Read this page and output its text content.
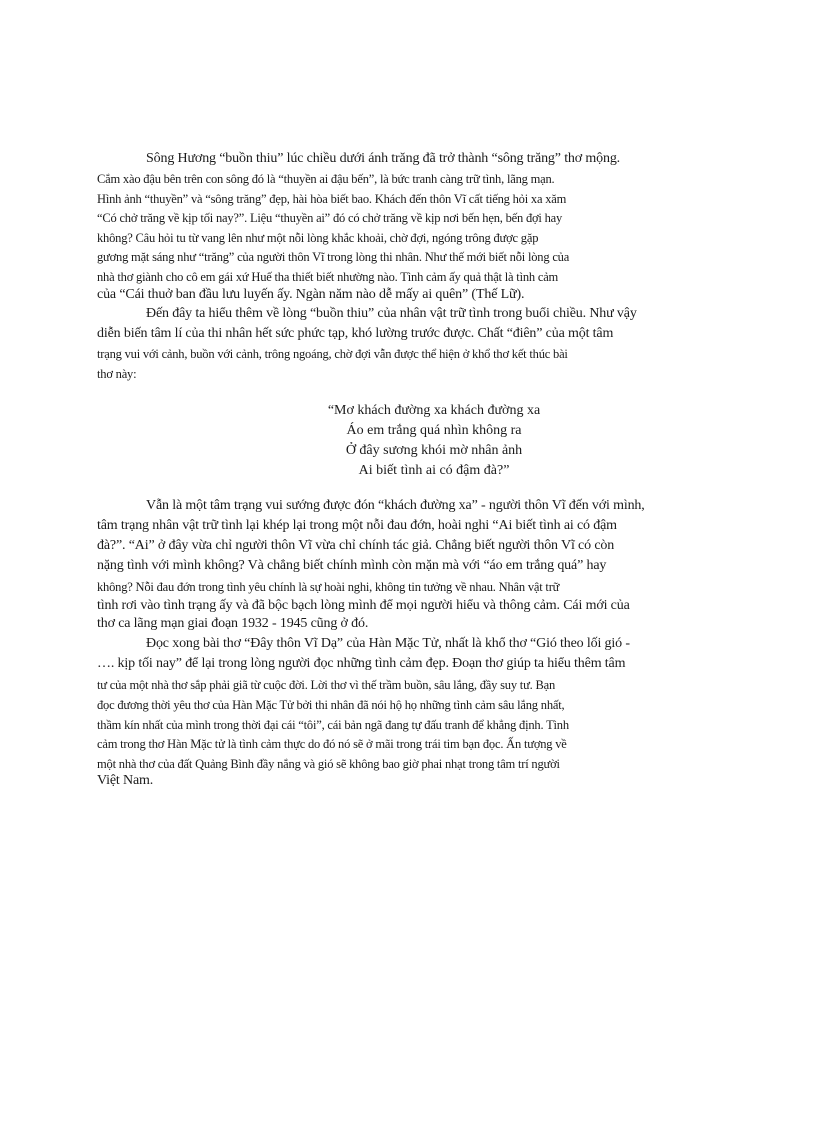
Sông Hương “buồn thiu” lúc chiều dưới ánh trăng đã trở thành “sông trăng” thơ mộng.
Cắm xào đậu bên trên con sông đó là “thuyền ai đậu bến”, là bức tranh càng trữ tình, lãng mạn.
Hình ảnh “thuyền” và “sông trăng” đẹp, hài hòa biết bao. Khách đến thôn Vĩ cất tiếng hỏi xa xăm
“Có chở trăng về kịp tối nay?”. Liệu “thuyền ai” đó có chở trăng về kịp nơi bến hẹn, bến đợi hay
không? Câu hỏi tu từ vang lên như một nỗi lòng khắc khoải, chờ đợi, ngóng trông được gặp
gương mặt sáng như “trăng” của người thôn Vĩ trong lòng thi nhân. Như thế mới biết nỗi lòng của
nhà thơ giành cho cô em gái xứ Huế tha thiết biết nhường nào. Tình cảm ấy quả thật là tình cảm
của “Cái thuở ban đầu lưu luyến ấy. Ngàn năm nào dễ mấy ai quên” (Thế Lữ).
Đến đây ta hiểu thêm về lòng “buồn thiu” của nhân vật trữ tình trong buổi chiều. Như vậy
diễn biến tâm lí của thi nhân hết sức phức tạp, khó lường trước được. Chất “điên” của một tâm
trạng vui với cảnh, buồn với cảnh, trông ngoáng, chờ đợi vẫn được thể hiện ở khổ thơ kết thúc bài
thơ này:
“Mơ khách đường xa khách đường xa
Áo em trắng quá nhìn không ra
Ở đây sương khói mờ nhân ảnh
Ai biết tình ai có đậm đà?”
Vẫn là một tâm trạng vui sướng được đón “khách đường xa” - người thôn Vĩ đến với mình,
tâm trạng nhân vật trữ tình lại khép lại trong một nỗi đau đớn, hoài nghi “Ai biết tình ai có đậm
đà?”. “Ai” ở đây vừa chỉ người thôn Vĩ vừa chỉ chính tác giả. Chẳng biết người thôn Vĩ có còn
nặng tình với mình không? Và chẳng biết chính mình còn mặn mà với “áo em trắng quá” hay
không? Nỗi đau đớn trong tình yêu chính là sự hoài nghi, không tin tưởng về nhau. Nhân vật trữ
tình rơi vào tình trạng ấy và đã bộc bạch lòng mình để mọi người hiểu và thông cảm. Cái mới của
thơ ca lãng mạn giai đoạn 1932 - 1945 cũng ở đó.
Đọc xong bài thơ “Đây thôn Vĩ Dạ” của Hàn Mặc Tử, nhất là khổ thơ “Gió theo lối gió -
…. kịp tối nay” để lại trong lòng người đọc những tình cảm đẹp. Đoạn thơ giúp ta hiểu thêm tâm
tư của một nhà thơ sắp phải giã từ cuộc đời. Lời thơ vì thế trầm buồn, sâu lắng, đầy suy tư. Bạn
đọc đương thời yêu thơ của Hàn Mặc Tử bởi thi nhân đã nói hộ họ những tình cảm sâu lắng nhất,
thầm kín nhất của mình trong thời đại cái “tôi”, cái bản ngã đang tự đấu tranh để khẳng định. Tình
cảm trong thơ Hàn Mặc tử là tình cảm thực do đó nó sẽ ở mãi trong trái tim bạn đọc. Ấn tượng về
một nhà thơ của đất Quảng Bình đầy nắng và gió sẽ không bao giờ phai nhạt trong tâm trí người
Việt Nam.
